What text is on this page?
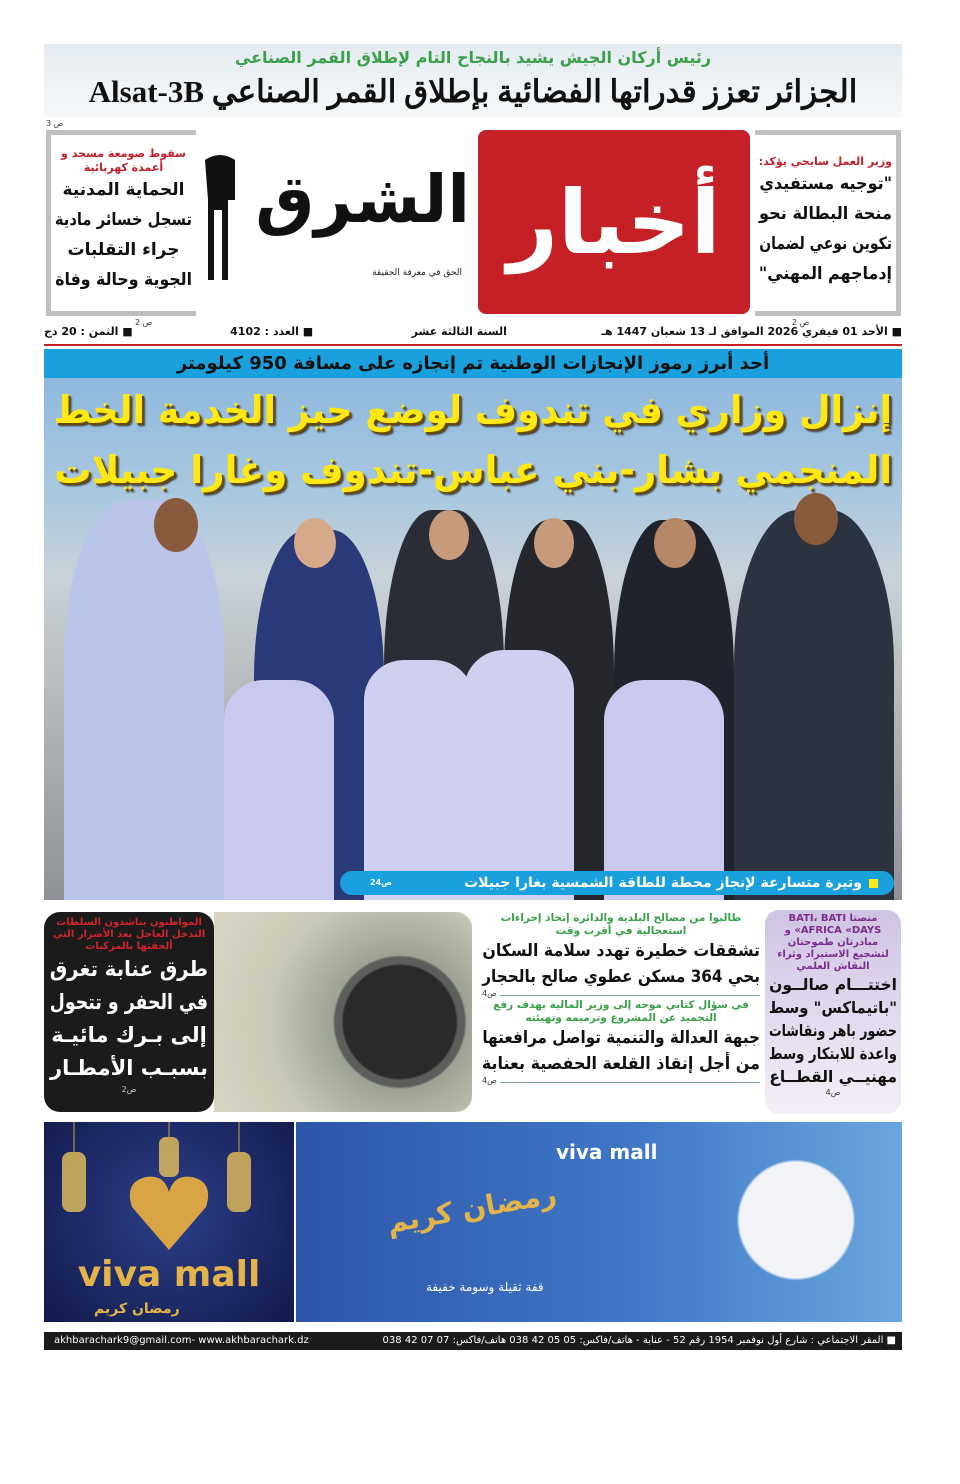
رئيس أركان الجيش يشيد بالنجاح التام لإطلاق القمر الصناعي
الجزائر تعزز قدراتها الفضائية بإطلاق القمر الصناعي Alsat-3B
ص 3
سقوط صومعة مسجد و أعمدة كهربائية
الحماية المدنية
تسجل خسائر مادية
جراء التقلبات
الجوية وحالة وفاة
ص 2
الشرق
الحق في معرفة الحقيقة أخبار
وزير العمل سايحي يؤكد:
"توجيه مستفيدي
منحة البطالة نحو
تكوين نوعي لضمان
إدماجهم المهني"
ص 2
■ الأحد 01 فيفري 2026 الموافق لـ 13 شعبان 1447 هـ
السنة الثالثة عشر
■ العدد : 4102
■ الثمن : 20 دج
أحد أبرز رموز الإنجازات الوطنية تم إنجازه على مسافة 950 كيلومتر
إنزال وزاري في تندوف لوضع حيز الخدمة الخط
المنجمي بشار-بني عباس-تندوف وغارا جبيلات
وتيرة متسارعة لإنجاز محطة للطاقة الشمسية بغارا جبيلات
ص24
المواطنون يناشدون السلطات التدخل العاجل بعد الأضرار التي ألحقتها بالمركبات
طرق عنابة تغرق
في الحفر و تتحول
إلى بـرك مائيـة
بسبـب الأمطـار
ص2
طالبوا من مصالح البلدية والدائرة إتخاذ إجراءات استعجالية في أقرب وقت
تشققات خطيرة تهدد سلامة السكان
بحي 364 مسكن عطوي صالح بالحجار
ص4
في سؤال كتابي موجه إلى وزير المالية بهدف رفع التجميد عن المشروع وترميمه وتهيئته
جبهة العدالة والتنمية تواصل مرافعتها
من أجل إنقاذ القلعة الحفصية بعنابة
ص4
منصتا BATI، BATI AFRICA «DAYS» و مبادرتان طموحتان لتشجيع الاستيراد وثراء النقاش العلمي
اختتـــام صالــون
"باتيماكس" وسط
حضور باهر ونقاشات
واعدة للابتكار وسط
مهنيــي القطــاع
ص4
viva mall
رمضان كريم
viva mall
رمضان كريم
قفة ثقيلة وسومة خفيفة
akhbarachark9@gmail.com- www.akhbarachark.dz	■ المقر الاجتماعي : شارع أول نوفمبر 1954 رقم 52 - عنابة - هاتف/فاكس: 05 05 42 038 هاتف/فاكس: 07 07 42 038
